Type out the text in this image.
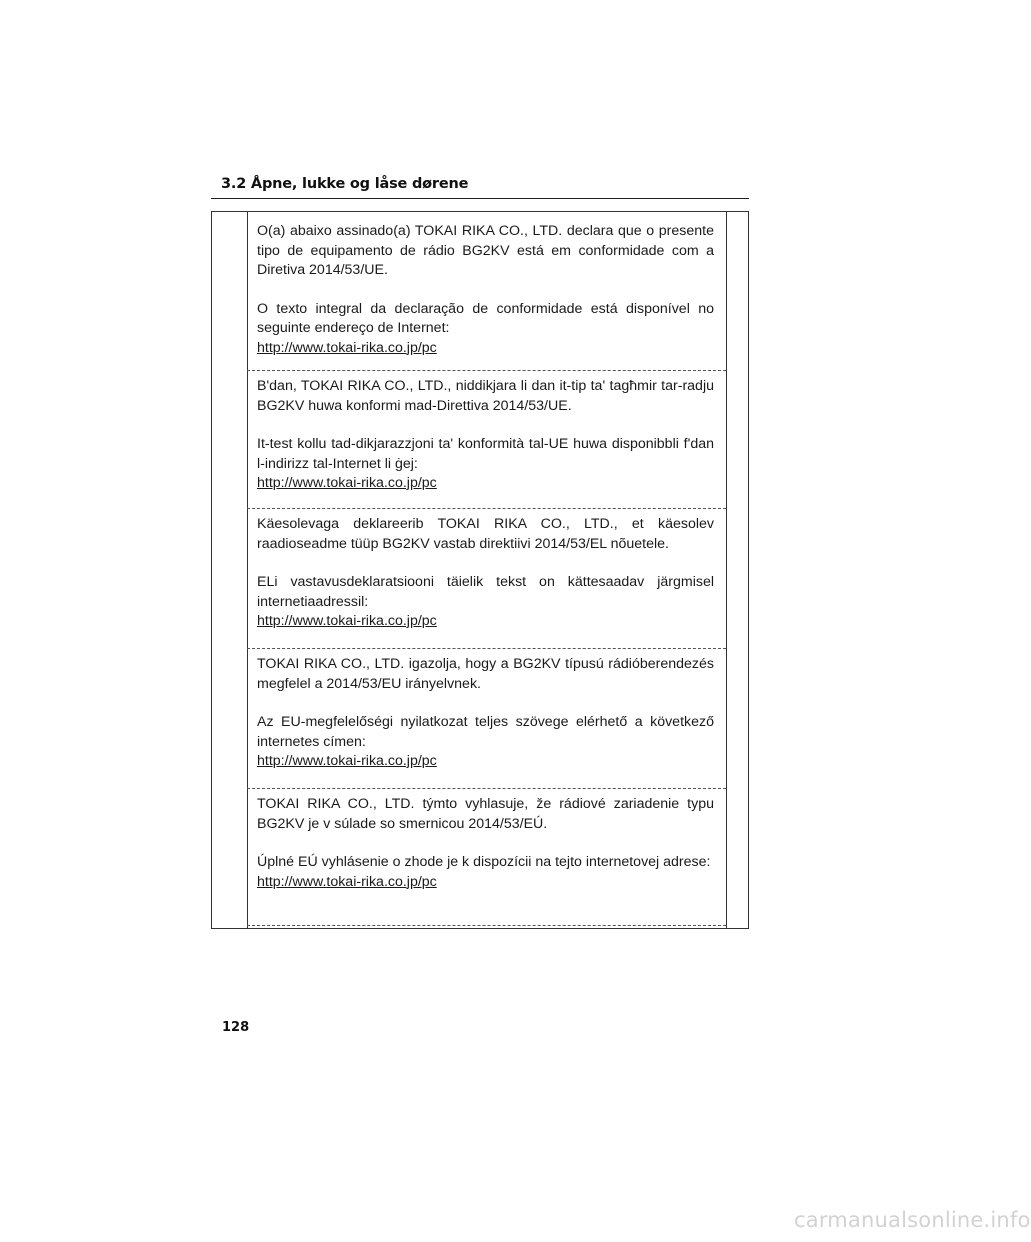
3.2 Åpne, lukke og låse dørene

O(a) abaixo assinado(a) TOKAI RIKA CO., LTD. declara que o presente tipo de equipamento de rádio BG2KV está em conformidade com a Diretiva 2014/53/UE.

O texto integral da declaração de conformidade está disponível no seguinte endereço de Internet:

http://www.tokai-rika.co.jp/pc

B'dan, TOKAI RIKA CO., LTD., niddikjara li dan it-tip ta' tagħmir tar-radju BG2KV huwa konformi mad-Direttiva 2014/53/UE.

It-test kollu tad-dikjarazzjoni ta' konformità tal-UE huwa disponibbli f'dan l-indirizz tal-Internet li ġej:

http://www.tokai-rika.co.jp/pc

Käesolevaga deklareerib TOKAI RIKA CO., LTD., et käesolev raadioseadme tüüp BG2KV vastab direktiivi 2014/53/EL nõuetele.

ELi vastavusdeklaratsiooni täielik tekst on kättesaadav järgmisel internetiaadressil:

http://www.tokai-rika.co.jp/pc

TOKAI RIKA CO., LTD. igazolja, hogy a BG2KV típusú rádióberendezés megfelel a 2014/53/EU irányelvnek.

Az EU-megfelelőségi nyilatkozat teljes szövege elérhető a következő internetes címen:

http://www.tokai-rika.co.jp/pc

TOKAI RIKA CO., LTD. týmto vyhlasuje, že rádiové zariadenie typu BG2KV je v súlade so smernicou 2014/53/EÚ.

Úplné EÚ vyhlásenie o zhode je k dispozícii na tejto internetovej adrese:

http://www.tokai-rika.co.jp/pc
128
carmanualsonline.info
